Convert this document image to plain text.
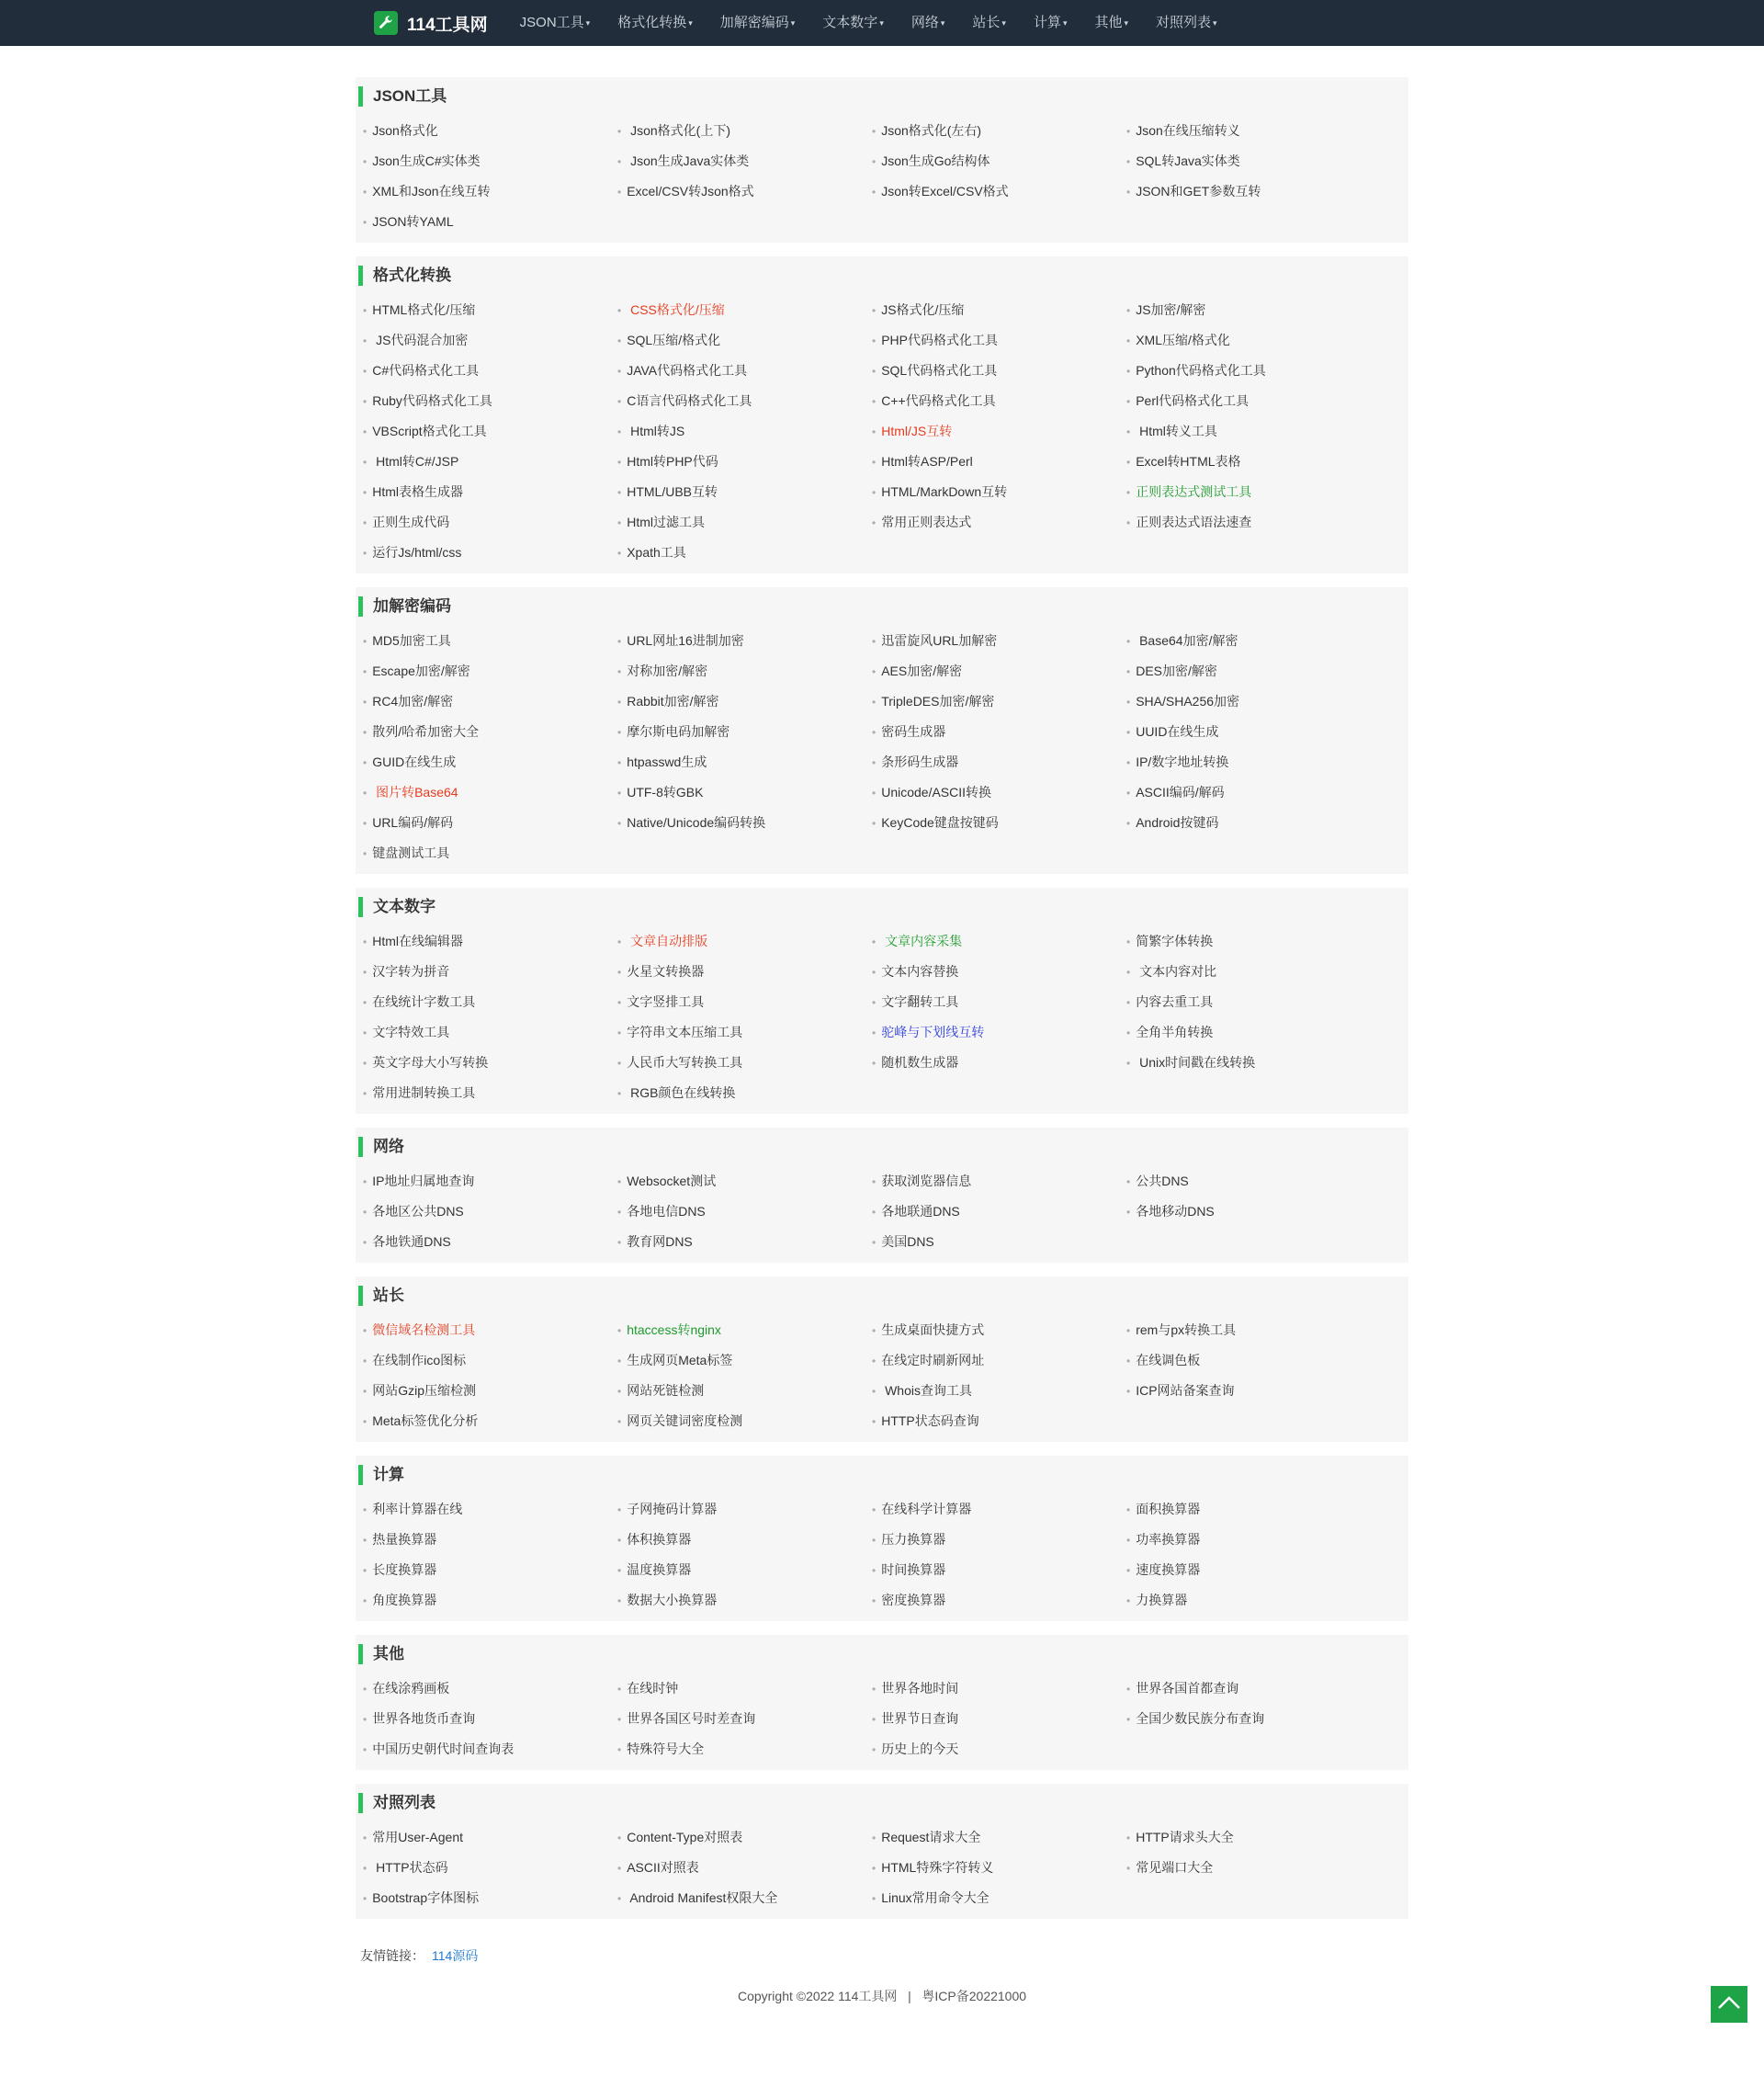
114工具网	JSON工具 ▾	格式化转换 ▾	加解密编码 ▾	文本数字 ▾	网络 ▾	站长 ▾	计算 ▾	其他 ▾	对照列表 ▾
JSON工具
• Json格式化	• Json格式化(上下)	• Json格式化(左右)	• Json在线压缩转义
• Json生成C#实体类	• Json生成Java实体类	• Json生成Go结构体	• SQL转Java实体类
• XML和Json在线互转	• Excel/CSV转Json格式	• Json转Excel/CSV格式	• JSON和GET参数互转
• JSON转YAML
格式化转换
• HTML格式化/压缩	• CSS格式化/压缩	• JS格式化/压缩	• JS加密/解密
• JS代码混合加密	• SQL压缩/格式化	• PHP代码格式化工具	• XML压缩/格式化
• C#代码格式化工具	• JAVA代码格式化工具	• SQL代码格式化工具	• Python代码格式化工具
• Ruby代码格式化工具	• C语言代码格式化工具	• C++代码格式化工具	• Perl代码格式化工具
• VBScript格式化工具	• Html转JS	• Html/JS互转	• Html转义工具
• Html转C#/JSP	• Html转PHP代码	• Html转ASP/Perl	• Excel转HTML表格
• Html表格生成器	• HTML/UBB互转	• HTML/MarkDown互转	• 正则表达式测试工具
• 正则生成代码	• Html过滤工具	• 常用正则表达式	• 正则表达式语法速查
• 运行Js/html/css	• Xpath工具
加解密编码
• MD5加密工具	• URL网址16进制加密	• 迅雷旋风URL加解密	• Base64加密/解密
• Escape加密/解密	• 对称加密/解密	• AES加密/解密	• DES加密/解密
• RC4加密/解密	• Rabbit加密/解密	• TripleDES加密/解密	• SHA/SHA256加密
• 散列/哈希加密大全	• 摩尔斯电码加解密	• 密码生成器	• UUID在线生成
• GUID在线生成	• htpasswd生成	• 条形码生成器	• IP/数字地址转换
• 图片转Base64	• UTF-8转GBK	• Unicode/ASCII转换	• ASCII编码/解码
• URL编码/解码	• Native/Unicode编码转换	• KeyCode键盘按键码	• Android按键码
• 键盘测试工具
文本数字
• Html在线编辑器	• 文章自动排版	• 文章内容采集	• 简繁字体转换
• 汉字转为拼音	• 火星文转换器	• 文本内容替换	• 文本内容对比
• 在线统计字数工具	• 文字竖排工具	• 文字翻转工具	• 内容去重工具
• 文字特效工具	• 字符串文本压缩工具	• 驼峰与下划线互转	• 全角半角转换
• 英文字母大小写转换	• 人民币大写转换工具	• 随机数生成器	• Unix时间戳在线转换
• 常用进制转换工具	• RGB颜色在线转换
网络
• IP地址归属地查询	• Websocket测试	• 获取浏览器信息	• 公共DNS
• 各地区公共DNS	• 各地电信DNS	• 各地联通DNS	• 各地移动DNS
• 各地铁通DNS	• 教育网DNS	• 美国DNS
站长
• 微信域名检测工具	• htaccess转nginx	• 生成桌面快捷方式	• rem与px转换工具
• 在线制作ico图标	• 生成网页Meta标签	• 在线定时刷新网址	• 在线调色板
• 网站Gzip压缩检测	• 网站死链检测	• Whois查询工具	• ICP网站备案查询
• Meta标签优化分析	• 网页关键词密度检测	• HTTP状态码查询
计算
• 利率计算器在线	• 子网掩码计算器	• 在线科学计算器	• 面积换算器
• 热量换算器	• 体积换算器	• 压力换算器	• 功率换算器
• 长度换算器	• 温度换算器	• 时间换算器	• 速度换算器
• 角度换算器	• 数据大小换算器	• 密度换算器	• 力换算器
其他
• 在线涂鸦画板	• 在线时钟	• 世界各地时间	• 世界各国首都查询
• 世界各地货币查询	• 世界各国区号时差查询	• 世界节日查询	• 全国少数民族分布查询
• 中国历史朝代时间查询表	• 特殊符号大全	• 历史上的今天
对照列表
• 常用User-Agent	• Content-Type对照表	• Request请求大全	• HTTP请求头大全
• HTTP状态码	• ASCII对照表	• HTML特殊字符转义	• 常见端口大全
• Bootstrap字体图标	• Android Manifest权限大全	• Linux常用命令大全
友情链接： 114源码
Copyright ©2022 114工具网   |   粤ICP备20221000
